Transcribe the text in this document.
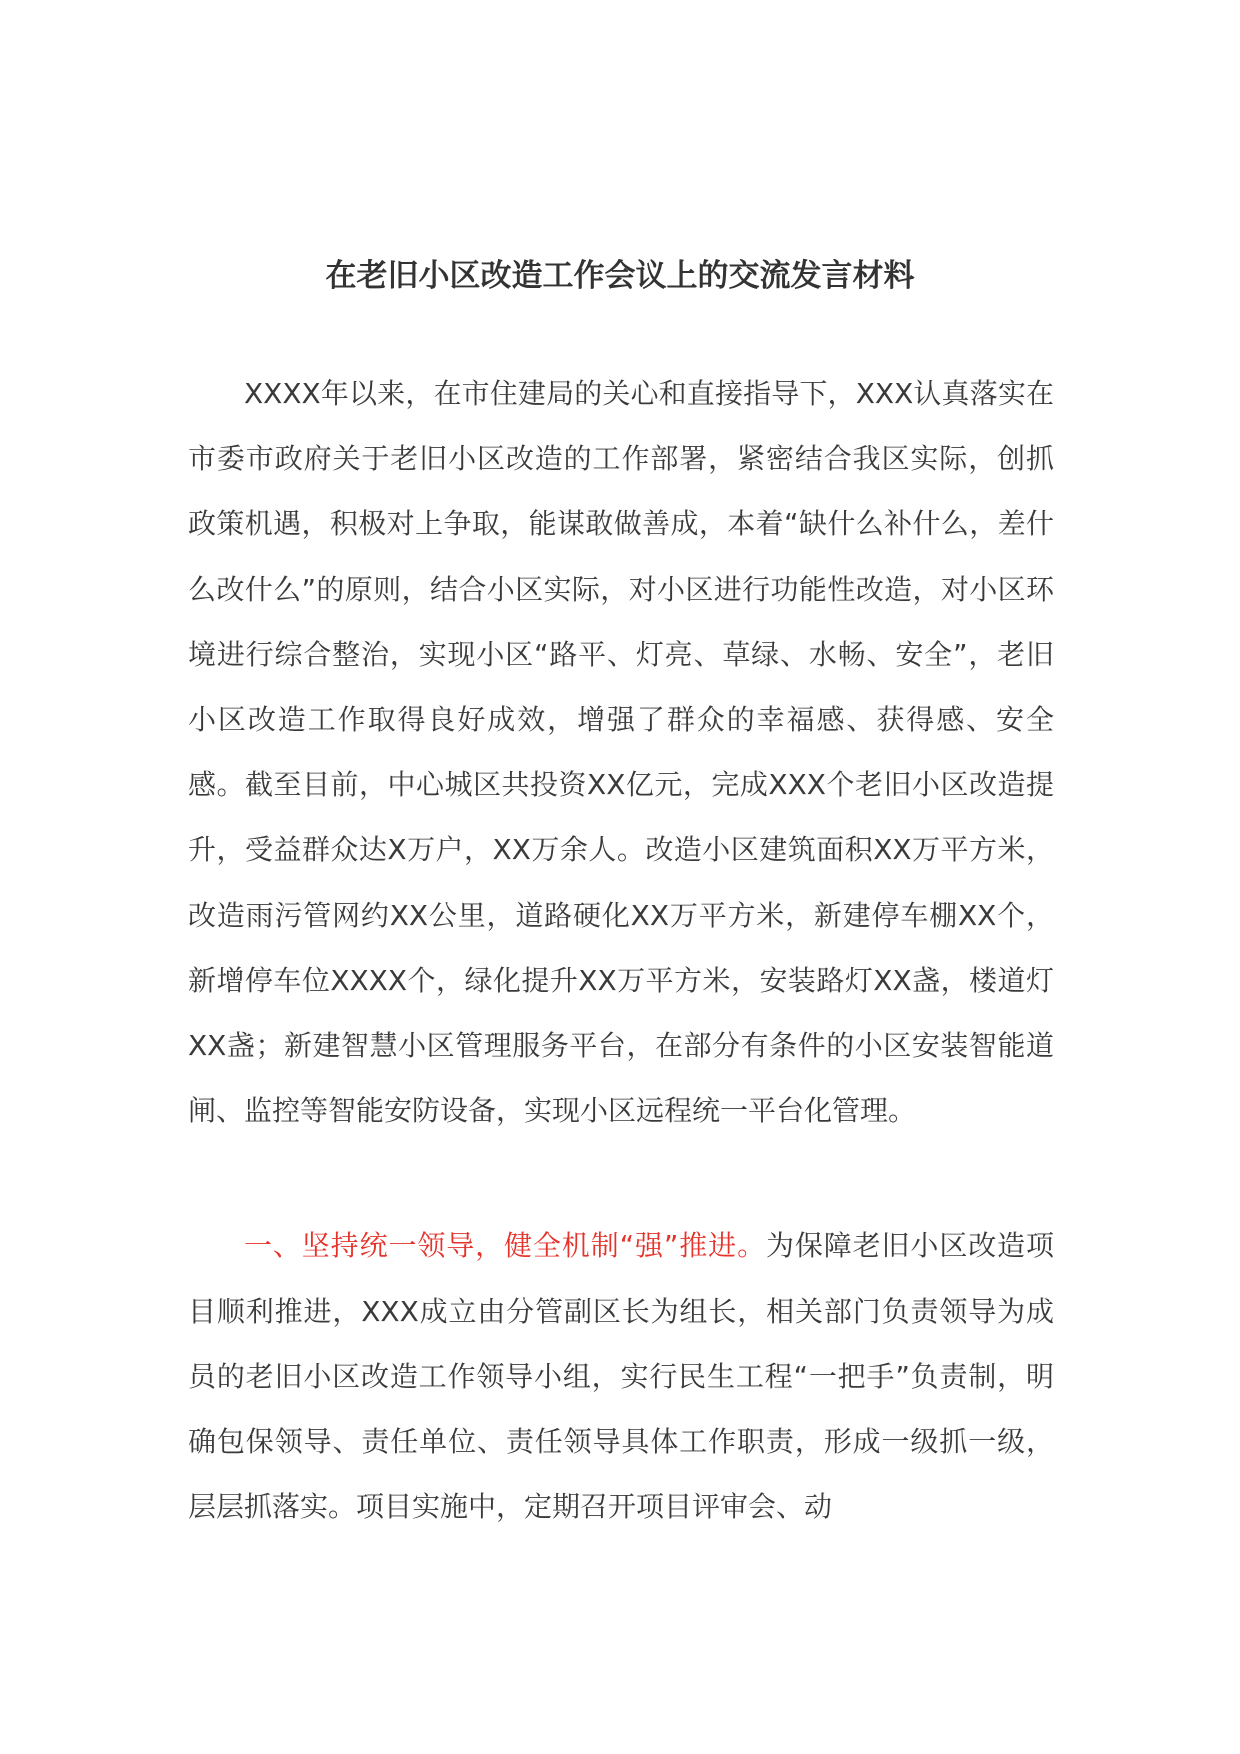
在老旧小区改造工作会议上的交流发言材料

XXXX年以来，在市住建局的关心和直接指导下，XXX认真落实在市委市政府关于老旧小区改造的工作部署，紧密结合我区实际，创抓政策机遇，积极对上争取，能谋敢做善成，本着“缺什么补什么，差什么改什么”的原则，结合小区实际，对小区进行功能性改造，对小区环境进行综合整治，实现小区“路平、灯亮、草绿、水畅、安全”，老旧小区改造工作取得良好成效，增强了群众的幸福感、获得感、安全感。截至目前，中心城区共投资XX亿元，完成XXX个老旧小区改造提升，受益群众达X万户，XX万余人。改造小区建筑面积XX万平方米，改造雨污管网约XX公里，道路硬化XX万平方米，新建停车棚XX个，新增停车位XXXX个，绿化提升XX万平方米，安装路灯XX盏，楼道灯XX盏；新建智慧小区管理服务平台，在部分有条件的小区安装智能道闸、监控等智能安防设备，实现小区远程统一平台化管理。

一、坚持统一领导，健全机制“强”推进。为保障老旧小区改造项目顺利推进，XXX成立由分管副区长为组长，相关部门负责领导为成员的老旧小区改造工作领导小组，实行民生工程“一把手”负责制，明确包保领导、责任单位、责任领导具体工作职责，形成一级抓一级，层层抓落实。项目实施中，定期召开项目评审会、动
